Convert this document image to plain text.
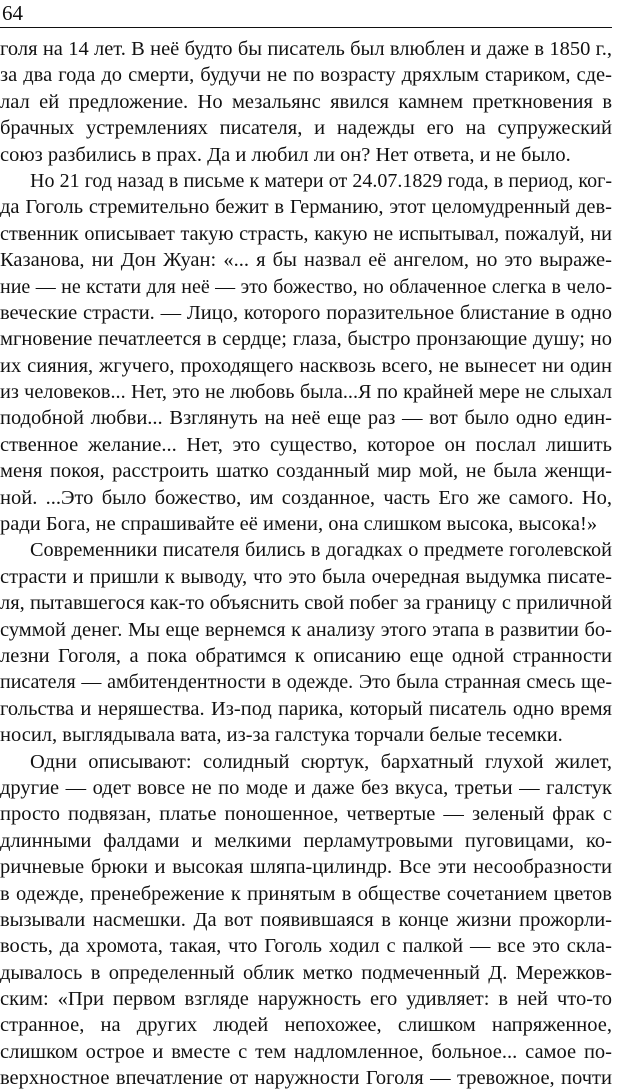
64
голя на 14 лет. В неё будто бы писатель был влюблен и даже в 1850 г.,
за два года до смерти, будучи не по возрасту дряхлым стариком, сде-
лал ей предложение. Но мезальянс явился камнем преткновения в
брачных устремлениях писателя, и надежды его на супружеский
союз разбились в прах. Да и любил ли он? Нет ответа, и не было.
Но 21 год назад в письме к матери от 24.07.1829 года, в период, ког-
да Гоголь стремительно бежит в Германию, этот целомудренный дев-
ственник описывает такую страсть, какую не испытывал, пожалуй, ни
Казанова, ни Дон Жуан: «... я бы назвал её ангелом, но это выраже-
ние — не кстати для неё — это божество, но облаченное слегка в чело-
веческие страсти. — Лицо, которого поразительное блистание в одно
мгновение печатлеется в сердце; глаза, быстро пронзающие душу; но
их сияния, жгучего, проходящего насквозь всего, не вынесет ни один
из человеков... Нет, это не любовь была...Я по крайней мере не слыхал
подобной любви... Взглянуть на неё еще раз — вот было одно един-
ственное желание... Нет, это существо, которое он послал лишить
меня покоя, расстроить шатко созданный мир мой, не была женщи-
ной. ...Это было божество, им созданное, часть Его же самого. Но,
ради Бога, не спрашивайте её имени, она слишком высока, высока!»
Современники писателя бились в догадках о предмете гоголевской
страсти и пришли к выводу, что это была очередная выдумка писате-
ля, пытавшегося как-то объяснить свой побег за границу с приличной
суммой денег. Мы еще вернемся к анализу этого этапа в развитии бо-
лезни Гоголя, а пока обратимся к описанию еще одной странности
писателя — амбитендентности в одежде. Это была странная смесь ще-
гольства и неряшества. Из-под парика, который писатель одно время
носил, выглядывала вата, из-за галстука торчали белые тесемки.
Одни описывают: солидный сюртук, бархатный глухой жилет,
другие — одет вовсе не по моде и даже без вкуса, третьи — галстук
просто подвязан, платье поношенное, четвертые — зеленый фрак с
длинными фалдами и мелкими перламутровыми пуговицами, ко-
ричневые брюки и высокая шляпа-цилиндр. Все эти несообразности
в одежде, пренебрежение к принятым в обществе сочетанием цветов
вызывали насмешки. Да вот появившаяся в конце жизни прожорли-
вость, да хромота, такая, что Гоголь ходил с палкой — все это скла-
дывалось в определенный облик метко подмеченный Д. Мережков-
ским: «При первом взгляде наружность его удивляет: в ней что-то
странное, на других людей непохожее, слишком напряженное,
слишком острое и вместе с тем надломленное, больное... самое по-
верхностное впечатление от наружности Гоголя — тревожное, почти
